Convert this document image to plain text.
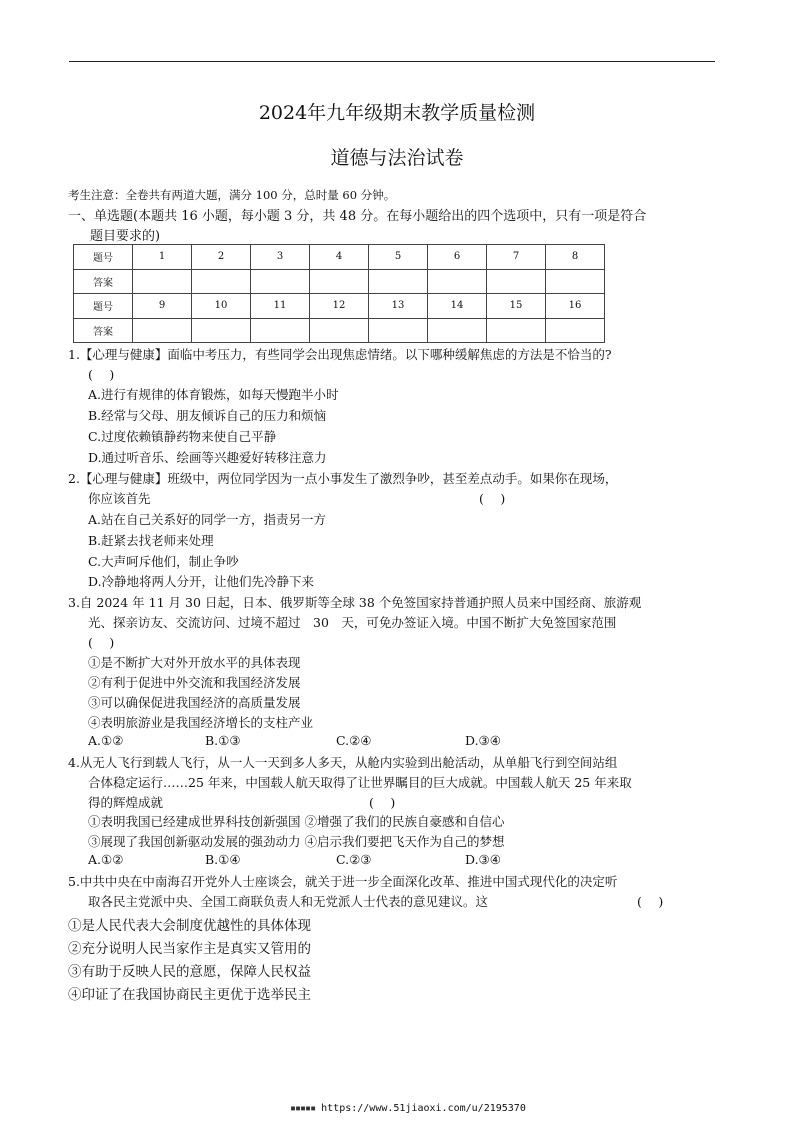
2024年九年级期末教学质量检测
道德与法治试卷
考生注意：全卷共有两道大题，满分 100 分，总时量 60 分钟。
一、单选题(本题共 16 小题，每小题 3 分，共 48 分。在每小题给出的四个选项中，只有一项是符合
题目要求的)
题号	1	2	3	4	5	6	7	8
答案								
题号	9	10	11	12	13	14	15	16
答案								
1.【心理与健康】面临中考压力，有些同学会出现焦虑情绪。以下哪种缓解焦虑的方法是不恰当的?
(　 )
A.进行有规律的体育锻炼，如每天慢跑半小时
B.经常与父母、朋友倾诉自己的压力和烦恼
C.过度依赖镇静药物来使自己平静
D.通过听音乐、绘画等兴趣爱好转移注意力
2.【心理与健康】班级中，两位同学因为一点小事发生了激烈争吵，甚至差点动手。如果你在现场，
你应该首先	(　 )
A.站在自己关系好的同学一方，指责另一方
B.赶紧去找老师来处理
C.大声呵斥他们，制止争吵
D.冷静地将两人分开，让他们先冷静下来
3.自 2024 年 11 月 30 日起，日本、俄罗斯等全球 38 个免签国家持普通护照人员来中国经商、旅游观
光、探亲访友、交流访问、过境不超过　30　天，可免办签证入境。中国不断扩大免签国家范围
(　 )
①是不断扩大对外开放水平的具体表现
②有利于促进中外交流和我国经济发展
③可以确保促进我国经济的高质量发展
④表明旅游业是我国经济增长的支柱产业
A.①②	B.①③	C.②④	D.③④
4.从无人飞行到载人飞行，从一人一天到多人多天，从舱内实验到出舱活动，从单船飞行到空间站组
合体稳定运行……25 年来，中国载人航天取得了让世界瞩目的巨大成就。中国载人航天 25 年来取
得的辉煌成就	(　 )
①表明我国已经建成世界科技创新强国 ②增强了我们的民族自豪感和自信心
③展现了我国创新驱动发展的强劲动力 ④启示我们要把飞天作为自己的梦想
A.①②	B.①④	C.②③	D.③④
5.中共中央在中南海召开党外人士座谈会，就关于进一步全面深化改革、推进中国式现代化的决定听
取各民主党派中央、全国工商联负责人和无党派人士代表的意见建议。这	(　 )
①是人民代表大会制度优越性的具体体现
②充分说明人民当家作主是真实又管用的
③有助于反映人民的意愿，保障人民权益
④印证了在我国协商民主更优于选举民主
▪▪▪▪▪ https://www.51jiaoxi.com/u/2195370
